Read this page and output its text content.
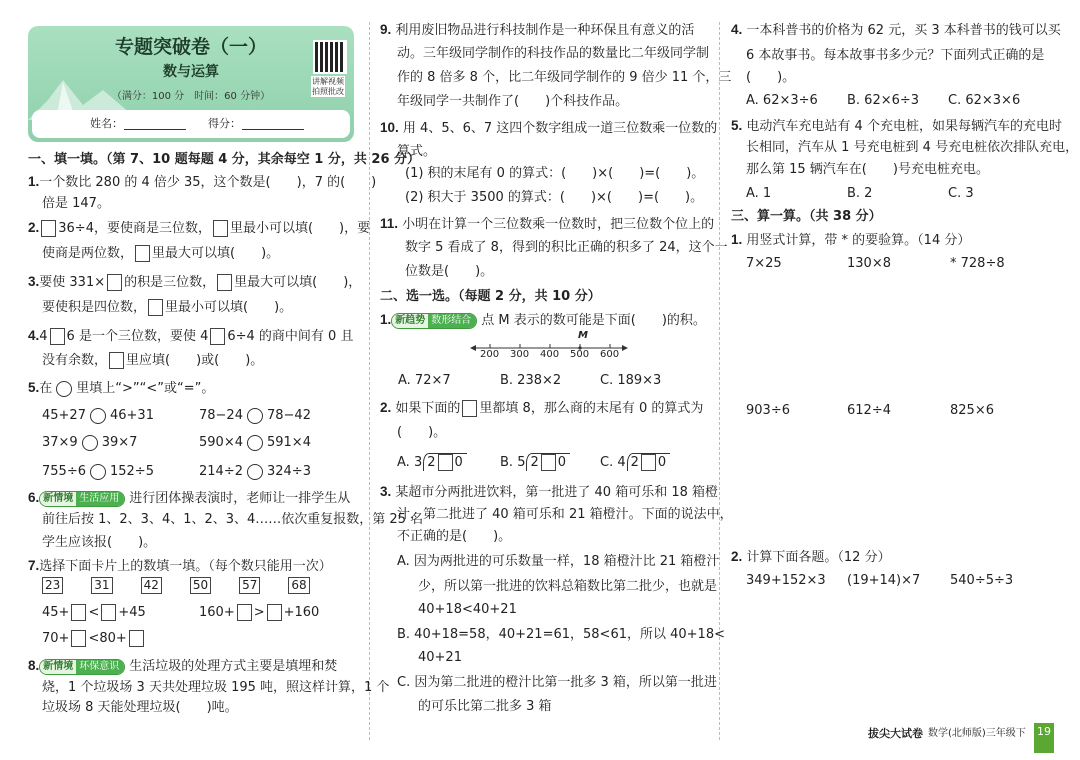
专题突破卷（一）
数与运算
（满分：100 分　时间：60 分钟）
讲解视频
拍照批改
姓名：	得分：
一、填一填。（第 7、10 题每题 4 分，其余每空 1 分，共 26 分）
1.一个数比 280 的 4 倍少 35，这个数是(　　)，7 的(　　)
倍是 147。
2. 36÷4，要使商是三位数， 里最小可以填(　　)，要
使商是两位数， 里最大可以填(　　)。
3.要使 331× 的积是三位数， 里最大可以填(　　)，
要使积是四位数， 里最小可以填(　　)。
4.4 6 是一个三位数，要使 4 6÷4 的商中间有 0 且
没有余数， 里应填(　　)或(　　)。
5.在 里填上“>”“<”或“=”。
45+27 46+31	78−24 78−42
37×9 39×7	590×4 591×4
755÷6 152÷5	214÷2 324÷3
6. 新情境 生活应用 进行团体操表演时，老师让一排学生从
前往后按 1、2、3、4、1、2、3、4……依次重复报数，第 25 名
学生应该报(　　)。
7.选择下面卡片上的数填一填。（每个数只能用一次）
23	31	42	50	57	68
45+ < +45	160+ > +160
70+ <80+
8. 新情境 环保意识 生活垃圾的处理方式主要是填埋和焚
烧，1 个垃圾场 3 天共处理垃圾 195 吨，照这样计算，1 个
垃圾场 8 天能处理垃圾(　　)吨。
9. 利用废旧物品进行科技制作是一种环保且有意义的活
动。三年级同学制作的科技作品的数量比二年级同学制
作的 8 倍多 8 个，比二年级同学制作的 9 倍少 11 个，三
年级同学一共制作了(　　)个科技作品。
10. 用 4、5、6、7 这四个数字组成一道三位数乘一位数的
算式。
(1) 积的末尾有 0 的算式：(　　)×(　　)=(　　)。
(2) 积大于 3500 的算式：(　　)×(　　)=(　　)。
11. 小明在计算一个三位数乘一位数时，把三位数个位上的
数字 5 看成了 8，得到的积比正确的积多了 24，这个一
位数是(　　)。
二、选一选。（每题 2 分，共 10 分）
1. 新趋势 数形结合 点 M 表示的数可能是下面(　　)的积。
M
200 300 400 500 600
A. 72×7	B. 238×2	C. 189×3
2. 如果下面的 里都填 8，那么商的末尾有 0 的算式为
(　　)。
A. 3 2 0	B. 5 2 0	C. 4 2 0
3. 某超市分两批进饮料，第一批进了 40 箱可乐和 18 箱橙
汁，第二批进了 40 箱可乐和 21 箱橙汁。下面的说法中，
不正确的是(　　)。
A. 因为两批进的可乐数量一样，18 箱橙汁比 21 箱橙汁
少，所以第一批进的饮料总箱数比第二批少，也就是
40+18<40+21
B. 40+18=58，40+21=61，58<61，所以 40+18<
40+21
C. 因为第二批进的橙汁比第一批多 3 箱，所以第一批进
的可乐比第二批多 3 箱
4. 一本科普书的价格为 62 元，买 3 本科普书的钱可以买
6 本故事书。每本故事书多少元？下面列式正确的是
(　　)。
A. 62×3÷6 B. 62×6÷3 C. 62×3×6
5. 电动汽车充电站有 4 个充电桩，如果每辆汽车的充电时
长相同，汽车从 1 号充电桩到 4 号充电桩依次排队充电，
那么第 15 辆汽车在(　　)号充电桩充电。
A. 1	B. 2	C. 3
三、算一算。（共 38 分）
1. 用竖式计算，带 * 的要验算。（14 分）
7×25	130×8	* 728÷8
903÷6	612÷4	825×6
2. 计算下面各题。（12 分）
349+152×3 (19+14)×7 540÷5÷3
拔尖大试卷 数学(北师版)三年级下 19
